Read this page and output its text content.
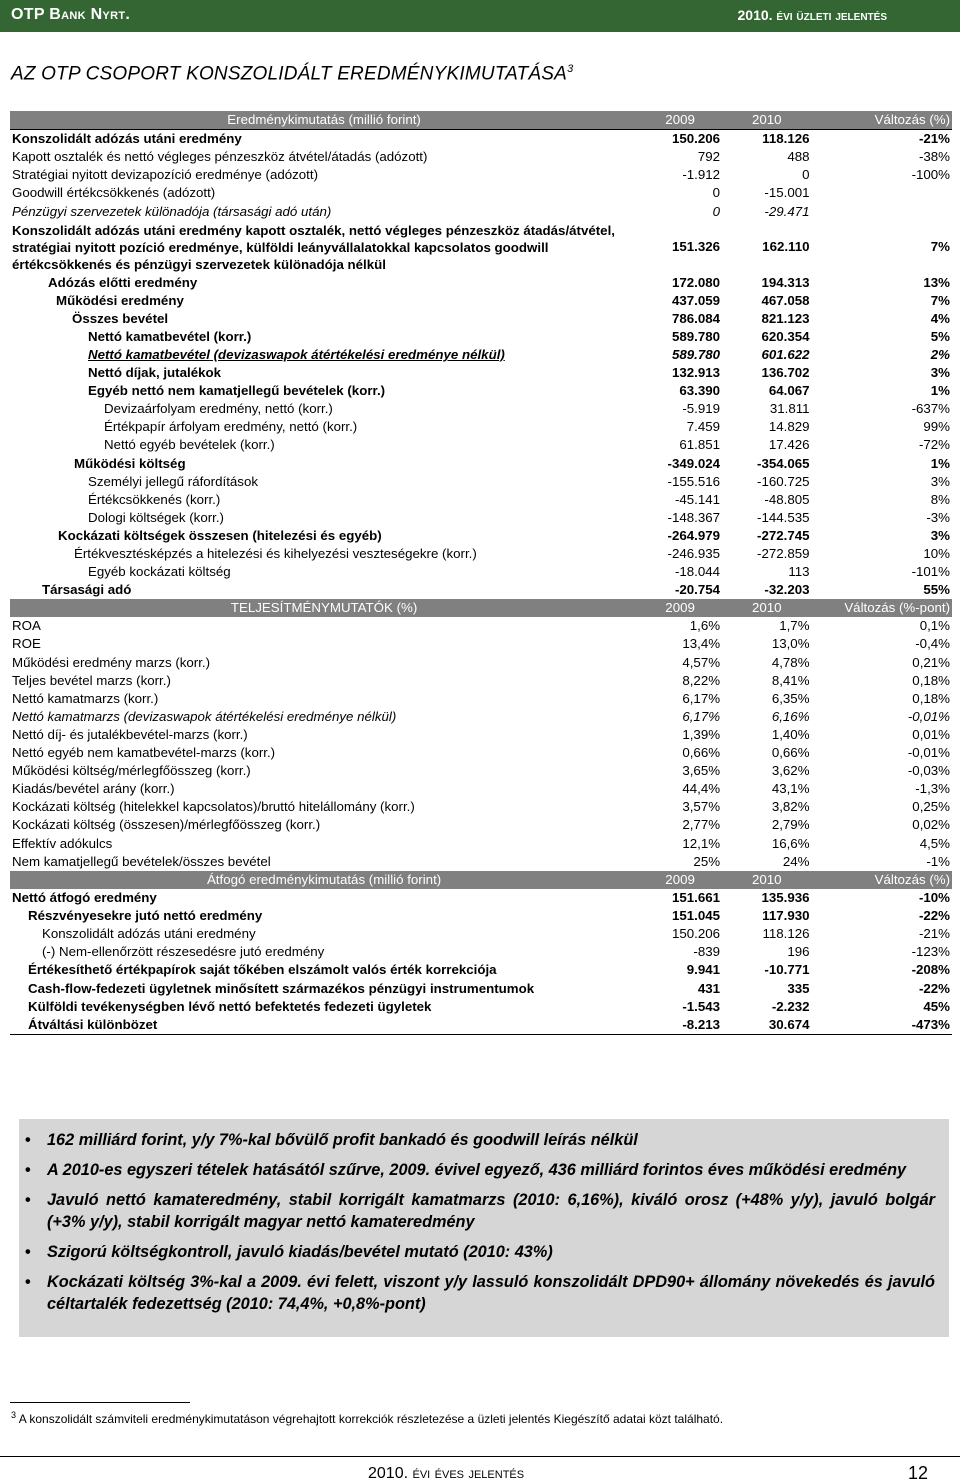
OTP Bank Nyrt.	2010. évi üzleti jelentés
AZ OTP CSOPORT KONSZOLIDÁLT EREDMÉNYKIMUTATÁSA$^3$
Eredménykimutatás (millió forint)	2009	2010	Változás (%)
Konszolidált adózás utáni eredmény	150.206	118.126	-21%
Kapott osztalék és nettó végleges pénzeszköz átvétel/átadás (adózott)	792	488	-38%
Stratégiai nyitott devizapozíció eredménye (adózott)	-1.912	0	-100%
Goodwill értékcsökkenés (adózott)	0	-15.001	
Pénzügyi szervezetek különadója (társasági adó után)	0	-29.471	
Konszolidált adózás utáni eredmény kapott osztalék, nettó végleges pénzeszköz átadás/átvétel, stratégiai nyitott pozíció eredménye, külföldi leányvállalatokkal kapcsolatos goodwill értékcsökkenés és pénzügyi szervezetek különadója nélkül	151.326	162.110	7%
Adózás előtti eredmény	172.080	194.313	13%
Működési eredmény	437.059	467.058	7%
Összes bevétel	786.084	821.123	4%
Nettó kamatbevétel (korr.)	589.780	620.354	5%
Nettó kamatbevétel (devizaswapok átértékelési eredménye nélkül)	589.780	601.622	2%
Nettó díjak, jutalékok	132.913	136.702	3%
Egyéb nettó nem kamatjellegű bevételek (korr.)	63.390	64.067	1%
Devizaárfolyam eredmény, nettó (korr.)	-5.919	31.811	-637%
Értékpapír árfolyam eredmény, nettó (korr.)	7.459	14.829	99%
Nettó egyéb bevételek (korr.)	61.851	17.426	-72%
Működési költség	-349.024	-354.065	1%
Személyi jellegű ráfordítások	-155.516	-160.725	3%
Értékcsökkenés (korr.)	-45.141	-48.805	8%
Dologi költségek (korr.)	-148.367	-144.535	-3%
Kockázati költségek összesen (hitelezési és egyéb)	-264.979	-272.745	3%
Értékvesztésképzés a hitelezési és kihelyezési veszteségekre (korr.)	-246.935	-272.859	10%
Egyéb kockázati költség	-18.044	113	-101%
Társasági adó	-20.754	-32.203	55%
TELJESÍTMÉNYMUTATÓK (%)	2009	2010	Változás (%-pont)
ROA	1,6%	1,7%	0,1%
ROE	13,4%	13,0%	-0,4%
Működési eredmény marzs (korr.)	4,57%	4,78%	0,21%
Teljes bevétel marzs (korr.)	8,22%	8,41%	0,18%
Nettó kamatmarzs (korr.)	6,17%	6,35%	0,18%
Nettó kamatmarzs (devizaswapok átértékelési eredménye nélkül)	6,17%	6,16%	-0,01%
Nettó díj- és jutalékbevétel-marzs (korr.)	1,39%	1,40%	0,01%
Nettó egyéb nem kamatbevétel-marzs (korr.)	0,66%	0,66%	-0,01%
Működési költség/mérlegfőösszeg (korr.)	3,65%	3,62%	-0,03%
Kiadás/bevétel arány (korr.)	44,4%	43,1%	-1,3%
Kockázati költség (hitelekkel kapcsolatos)/bruttó hitelállomány (korr.)	3,57%	3,82%	0,25%
Kockázati költség (összesen)/mérlegfőösszeg (korr.)	2,77%	2,79%	0,02%
Effektív adókulcs	12,1%	16,6%	4,5%
Nem kamatjellegű bevételek/összes bevétel	25%	24%	-1%
Átfogó eredménykimutatás (millió forint)	2009	2010	Változás (%)
Nettó átfogó eredmény	151.661	135.936	-10%
Részvényesekre jutó nettó eredmény	151.045	117.930	-22%
Konszolidált adózás utáni eredmény	150.206	118.126	-21%
(-) Nem-ellenőrzött részesedésre jutó eredmény	-839	196	-123%
Értékesíthető értékpapírok saját tőkében elszámolt valós érték korrekciója	9.941	-10.771	-208%
Cash-flow-fedezeti ügyletnek minősített származékos pénzügyi instrumentumok	431	335	-22%
Külföldi tevékenységben lévő nettó befektetés fedezeti ügyletek	-1.543	-2.232	45%
Átváltási különbözet	-8.213	30.674	-473%
• 162 milliárd forint, y/y 7%-kal bővülő profit bankadó és goodwill leírás nélkül
• A 2010-es egyszeri tételek hatásától szűrve, 2009. évivel egyező, 436 milliárd forintos éves működési eredmény
• Javuló nettó kamateredmény, stabil korrigált kamatmarzs (2010: 6,16%), kiváló orosz (+48% y/y), javuló bolgár (+3% y/y), stabil korrigált magyar nettó kamateredmény
• Szigorú költségkontroll, javuló kiadás/bevétel mutató (2010: 43%)
• Kockázati költség 3%-kal a 2009. évi felett, viszont y/y lassuló konszolidált DPD90+ állomány növekedés és javuló céltartalék fedezettség (2010: 74,4%, +0,8%-pont)
$^3$ A konszolidált számviteli eredménykimutatáson végrehajtott korrekciók részletezése a üzleti jelentés Kiegészítő adatai közt található.
2010. évi éves jelentés	12
